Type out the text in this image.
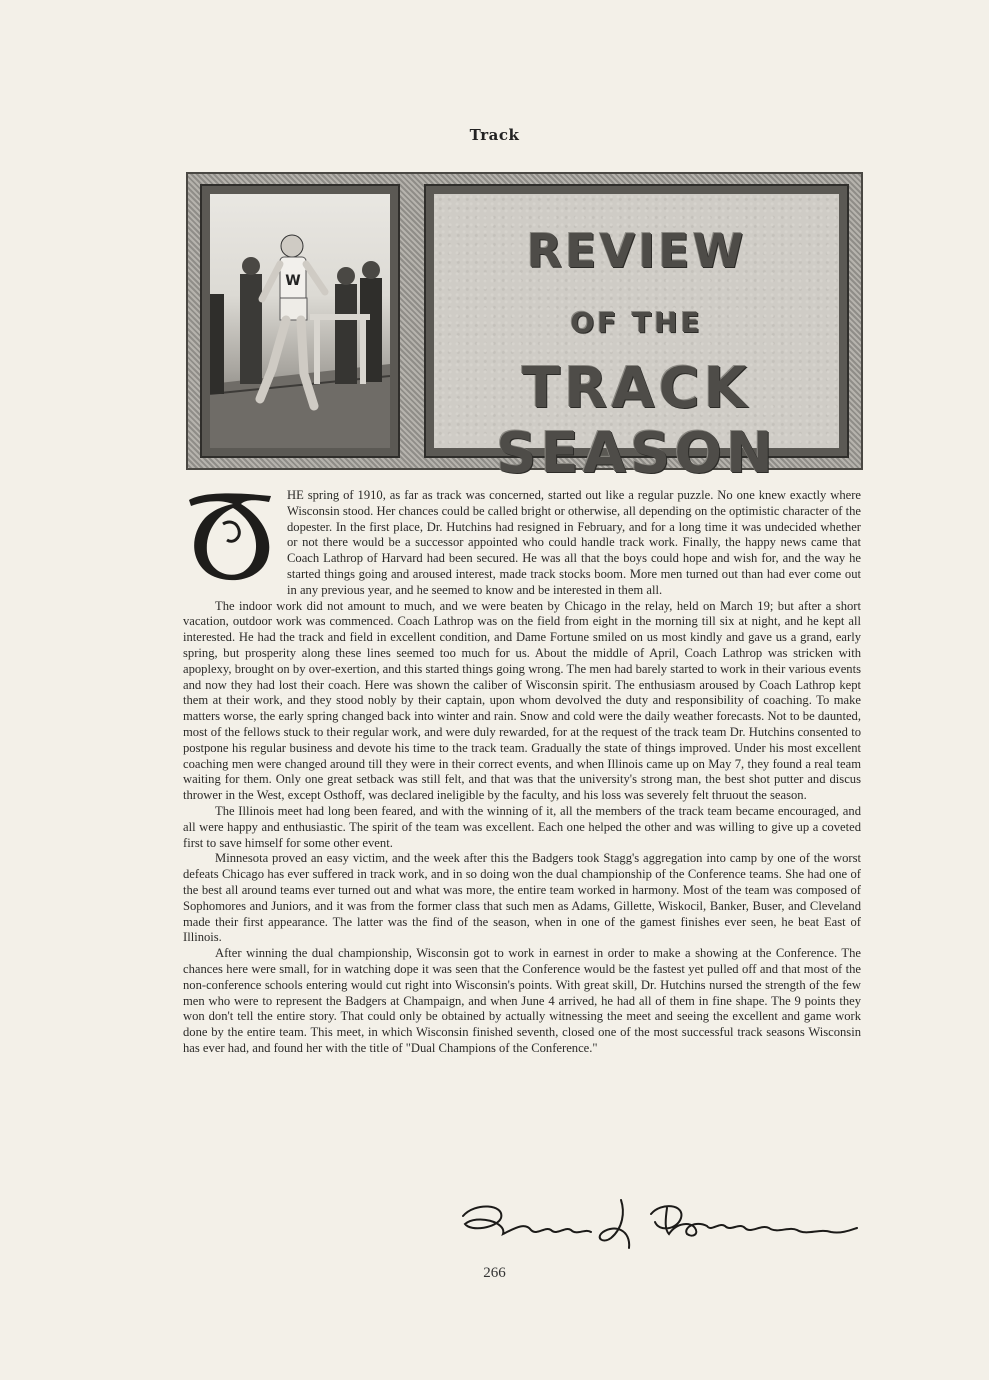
Track
W
REVIEW
OF THE
TRACK SEASON
T

HE spring of 1910, as far as track was concerned, started out like a regular puzzle. No one knew exactly where Wisconsin stood. Her chances could be called bright or otherwise, all depending on the optimistic character of the dopester. In the first place, Dr. Hutchins had resigned in February, and for a long time it was undecided whether or not there would be a successor appointed who could handle track work. Finally, the happy news came that Coach Lathrop of Harvard had been secured. He was all that the boys could hope and wish for, and the way he started things going and aroused interest, made track stocks boom. More men turned out than had ever come out in any previous year, and he seemed to know and be interested in them all.

The indoor work did not amount to much, and we were beaten by Chicago in the relay, held on March 19; but after a short vacation, outdoor work was commenced. Coach Lathrop was on the field from eight in the morning till six at night, and he kept all interested. He had the track and field in excellent condition, and Dame Fortune smiled on us most kindly and gave us a grand, early spring, but prosperity along these lines seemed too much for us. About the middle of April, Coach Lathrop was stricken with apoplexy, brought on by over-exertion, and this started things going wrong. The men had barely started to work in their various events and now they had lost their coach. Here was shown the caliber of Wisconsin spirit. The enthusiasm aroused by Coach Lathrop kept them at their work, and they stood nobly by their captain, upon whom devolved the duty and responsibility of coaching. To make matters worse, the early spring changed back into winter and rain. Snow and cold were the daily weather forecasts. Not to be daunted, most of the fellows stuck to their regular work, and were duly rewarded, for at the request of the track team Dr. Hutchins consented to postpone his regular business and devote his time to the track team. Gradually the state of things improved. Under his most excellent coaching men were changed around till they were in their correct events, and when Illinois came up on May 7, they found a real team waiting for them. Only one great setback was still felt, and that was that the university's strong man, the best shot putter and discus thrower in the West, except Osthoff, was declared ineligible by the faculty, and his loss was severely felt thruout the season.

The Illinois meet had long been feared, and with the winning of it, all the members of the track team became encouraged, and all were happy and enthusiastic. The spirit of the team was excellent. Each one helped the other and was willing to give up a coveted first to save himself for some other event.

Minnesota proved an easy victim, and the week after this the Badgers took Stagg's aggregation into camp by one of the worst defeats Chicago has ever suffered in track work, and in so doing won the dual championship of the Conference teams. She had one of the best all around teams ever turned out and what was more, the entire team worked in harmony. Most of the team was composed of Sophomores and Juniors, and it was from the former class that such men as Adams, Gillette, Wiskocil, Banker, Buser, and Cleveland made their first appearance. The latter was the find of the season, when in one of the gamest finishes ever seen, he beat East of Illinois.

After winning the dual championship, Wisconsin got to work in earnest in order to make a showing at the Conference. The chances here were small, for in watching dope it was seen that the Conference would be the fastest yet pulled off and that most of the non-conference schools entering would cut right into Wisconsin's points. With great skill, Dr. Hutchins nursed the strength of the few men who were to represent the Badgers at Champaign, and when June 4 arrived, he had all of them in fine shape. The 9 points they won don't tell the entire story. That could only be obtained by actually witnessing the meet and seeing the excellent and game work done by the entire team. This meet, in which Wisconsin finished seventh, closed one of the most successful track seasons Wisconsin has ever had, and found her with the title of "Dual Champions of the Conference."

Erwin J. Dohmen
266
